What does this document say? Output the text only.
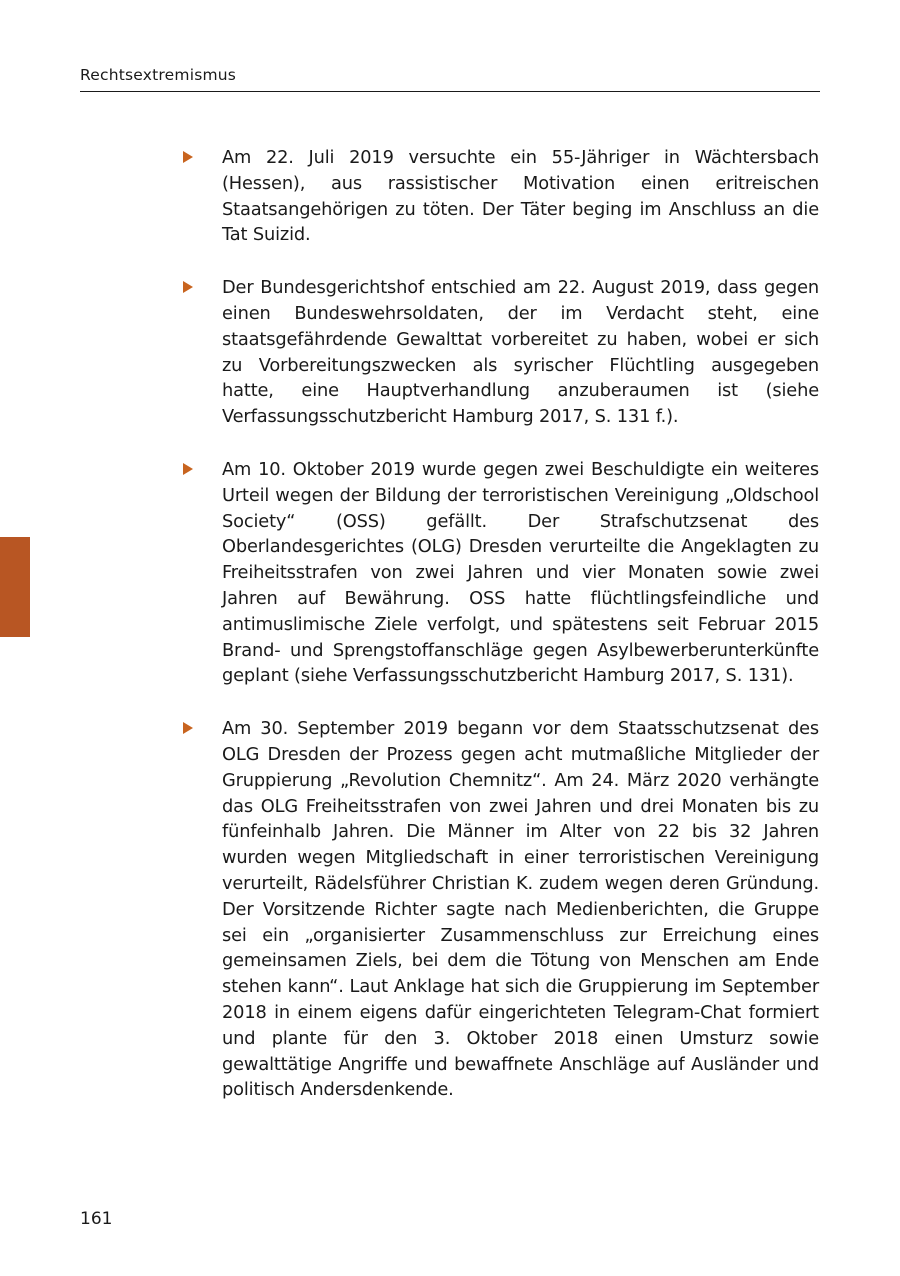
Rechtsextremismus

Am 22. Juli 2019 versuchte ein 55-Jähriger in Wächtersbach (Hessen), aus rassistischer Motivation einen eritreischen Staatsangehörigen zu töten. Der Täter beging im Anschluss an die Tat Suizid.

Der Bundesgerichtshof entschied am 22. August 2019, dass gegen einen Bundeswehrsoldaten, der im Verdacht steht, eine staatsgefährdende Gewalttat vorbereitet zu haben, wobei er sich zu Vorbereitungszwecken als syrischer Flüchtling ausgegeben hatte, eine Hauptverhandlung anzuberaumen ist (siehe Verfassungsschutzbericht Hamburg 2017, S. 131 f.).

Am 10. Oktober 2019 wurde gegen zwei Beschuldigte ein weiteres Urteil wegen der Bildung der terroristischen Vereinigung „Oldschool Society“ (OSS) gefällt. Der Strafschutzsenat des Oberlandesgerichtes (OLG) Dresden verurteilte die Angeklagten zu Freiheitsstrafen von zwei Jahren und vier Monaten sowie zwei Jahren auf Bewährung. OSS hatte flüchtlingsfeindliche und antimuslimische Ziele verfolgt, und spätestens seit Februar 2015 Brand- und Sprengstoffanschläge gegen Asylbewerberunterkünfte geplant (siehe Verfassungsschutzbericht Hamburg 2017, S. 131).

Am 30. September 2019 begann vor dem Staatsschutzsenat des OLG Dresden der Prozess gegen acht mutmaßliche Mitglieder der Gruppierung „Revolution Chemnitz“. Am 24. März 2020 verhängte das OLG Freiheitsstrafen von zwei Jahren und drei Monaten bis zu fünfeinhalb Jahren. Die Männer im Alter von 22 bis 32 Jahren wurden wegen Mitgliedschaft in einer terroristischen Vereinigung verurteilt, Rädelsführer Christian K. zudem wegen deren Gründung. Der Vorsitzende Richter sagte nach Medienberichten, die Gruppe sei ein „organisierter Zusammenschluss zur Erreichung eines gemeinsamen Ziels, bei dem die Tötung von Menschen am Ende stehen kann“. Laut Anklage hat sich die Gruppierung im September 2018 in einem eigens dafür eingerichteten Telegram-Chat formiert und plante für den 3. Oktober 2018 einen Umsturz sowie gewalttätige Angriffe und bewaffnete Anschläge auf Ausländer und politisch Andersdenkende.

161
